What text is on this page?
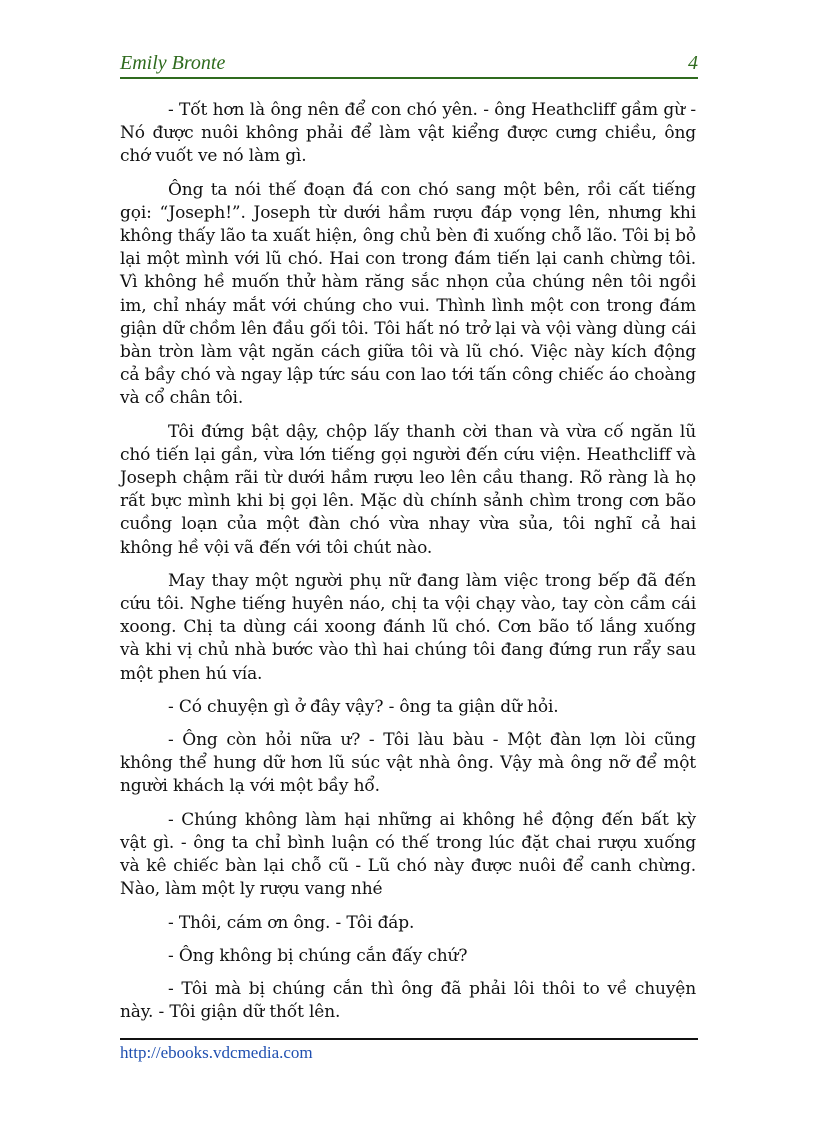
Emily Bronte	4

- Tốt hơn là ông nên để con chó yên. - ông Heathcliff gầm gừ - Nó được nuôi không phải để làm vật kiểng được cưng chiều, ông chớ vuốt ve nó làm gì.

Ông ta nói thế đoạn đá con chó sang một bên, rồi cất tiếng gọi: “Joseph!”. Joseph từ dưới hầm rượu đáp vọng lên, nhưng khi không thấy lão ta xuất hiện, ông chủ bèn đi xuống chỗ lão. Tôi bị bỏ lại một mình với lũ chó. Hai con trong đám tiến lại canh chừng tôi. Vì không hề muốn thử hàm răng sắc nhọn của chúng nên tôi ngồi im, chỉ nháy mắt với chúng cho vui. Thình lình một con trong đám giận dữ chồm lên đầu gối tôi. Tôi hất nó trở lại và vội vàng dùng cái bàn tròn làm vật ngăn cách giữa tôi và lũ chó. Việc này kích động cả bầy chó và ngay lập tức sáu con lao tới tấn công chiếc áo choàng và cổ chân tôi.

Tôi đứng bật dậy, chộp lấy thanh cời than và vừa cố ngăn lũ chó tiến lại gần, vừa lớn tiếng gọi người đến cứu viện. Heathcliff và Joseph chậm rãi từ dưới hầm rượu leo lên cầu thang. Rõ ràng là họ rất bực mình khi bị gọi lên. Mặc dù chính sảnh chìm trong cơn bão cuồng loạn của một đàn chó vừa nhay vừa sủa, tôi nghĩ cả hai không hề vội vã đến với tôi chút nào.

May thay một người phụ nữ đang làm việc trong bếp đã đến cứu tôi. Nghe tiếng huyên náo, chị ta vội chạy vào, tay còn cầm cái xoong. Chị ta dùng cái xoong đánh lũ chó. Cơn bão tố lắng xuống và khi vị chủ nhà bước vào thì hai chúng tôi đang đứng run rẩy sau một phen hú vía.

- Có chuyện gì ở đây vậy? - ông ta giận dữ hỏi.

- Ông còn hỏi nữa ư? - Tôi làu bàu - Một đàn lợn lòi cũng không thể hung dữ hơn lũ súc vật nhà ông. Vậy mà ông nỡ để một người khách lạ với một bầy hổ.

- Chúng không làm hại những ai không hề động đến bất kỳ vật gì. - ông ta chỉ bình luận có thế trong lúc đặt chai rượu xuống và kê chiếc bàn lại chỗ cũ - Lũ chó này được nuôi để canh chừng. Nào, làm một ly rượu vang nhé

- Thôi, cám ơn ông. - Tôi đáp.

- Ông không bị chúng cắn đấy chứ?

- Tôi mà bị chúng cắn thì ông đã phải lôi thôi to về chuyện này. - Tôi giận dữ thốt lên.

http://ebooks.vdcmedia.com
